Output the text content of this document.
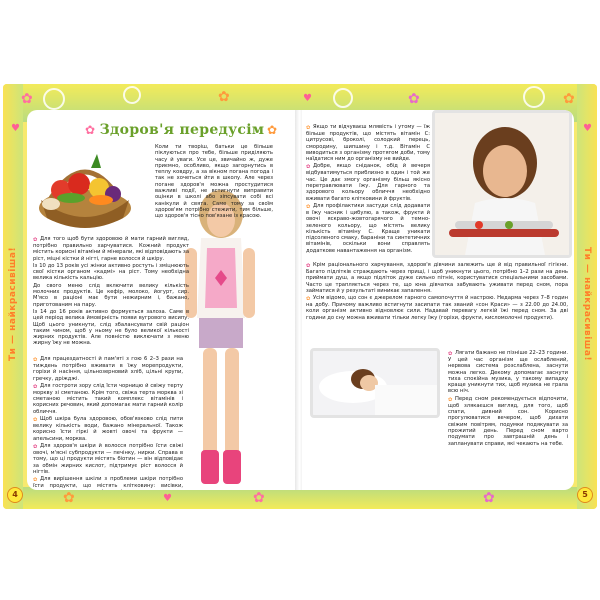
✿	✿	✿	✿
✿	✿	✿
♥	♥
♥
♥
Ти — найкрасивіша!	Ти — найкрасивіша!
4	5
✿ Здоров'я передусім ✿

Коли ти творіш, батьки це більше піклуються про тебе, більше приділяють часу й уваги. Усе це, звичайно ж, дуже приємно, особливо, якщо загорнутись в теплу ковдру, а за вікном погана погода і так не хочеться йти в школу. Але через погане здоров'я можна простудитися важливі події, не встигнути виправити оцінки в школі або зіпсувати собі всі канікули й свята. Саме тому за своїм здоров'ям потрібно стежити, тим більше, що здоров'я тісно пов'язане із красою.

✿ Для того щоб бути здоровою й мати гарний вигляд, потрібно правильно харчуватися. Кожний продукт містить корисні вітаміни й мінерали, які відповідають за ріст, міцні кістки й нігті, гарне волосся й шкіру.

Із 10 до 13 років усі жінки активно ростуть і зміцнюють свої кістки органом «кадмі» на ріст. Тому необхідна велика кількість кальцію.

До свого меню слід включити велику кількість молочних продуктів. Це кефір, молоко, йогурт, сир. М'ясо в раціоні має бути нежирним і, бажано, приготованим на пару.

Із 14 до 16 років активно формується залоза. Саме в цей період велика ймовірність появи вугрового висипу. Щоб цього уникнути, слід збалансувати свій раціон таким чином, щоб у ньому не було великої кількості жирних продуктів. Але повністю виключати з меню жирну їжу не можна.

✿ Для працездатності й пам'яті з гою 6 2–3 рази на тиждень потрібно вживати в їжу морепродукти, горіхи й насіння, цільнозерновий хліб, цільні крупи, гречку, дріжджі.

✿ Для гостроти зору слід їсти чорницю й свіжу терту моркву зі сметаною. Крім того, свіжа терта морква зі сметаною містить такий комплекс вітамінів і корисних речовин, який допомагає мати гарний колір обличчя.

✿ Щоб шкіра була здоровою, обов'язково слід пити велику кількість води, бажано мінеральної. Також корисно їсти гіркі й жовті овочі та фрукти — апельсини, морква.

✿ Для здоров'я шкіри й волосся потрібно їсти свіжі овочі, м'ясні субпродукти — печінку, нирки. Справа в тому, що ці продукти містять біотин — він відповідає за обмін жирних кислот, підтримує ріст волосся й нігтів.

✿ Для вирішення шкіли з проблеми шкіри потрібно їсти продукти, що містять клітковину: висівки,

✿ Якщо ти відчуваєш млявість і утому — їж більше продуктів, що містять вітамін С: цитрусові, броколі, солодкий перець, смородину, шипшину і т.д. Вітамін С виводиться з організму протягом доби, тому наїдатися ним до організму не вийде.

✿ Добре, якщо сніданок, обід й вечеря відбуватимуться приблизно в один і той же час. Це дає змогу організму більш якісно перетравлювати їжу. Для гарного та здорового кольору обличчя необхідно вживати багато клітковини й фруктів.

✿ Для профілактики застуди слід додавати в їжу часник і цибулю, а також, фрукти й овочі яскраво-жовтогарячого й темно-зеленого кольору, що містять велику кількість вітаміну С. Краще уникати підсоленого смаку, бараніни та синтетичних вітамінів, оскільки вони справлять додаткове навантаження на організм.

✿ Крім раціонального харчування, здоров'я дівчини залежить ще й від правильної гігієни. Багато підлітків страждають через прищі, і щоб уникнути цього, потрібно 1–2 рази на день приймати душ, а якщо підліток дуже сильно пітніє, користуватися спеціальними засобами. Часто це трапляється через те, що юна дівчатка забувають уживати перед сном, пора займатися й у результаті виникає запалення.

✿ Усім відомо, що сон є джерелом гарного самопочуття й настрою. Недарма через 7–8 годин на добу. Причому важливо встигнути засипати так званий «сон Краси» — з 22.00 до 24.00, коли організм активно відновлює сили. Надавай перевагу легкій їжі перед сном. За дві години до сну можна вживати тільки легку їжу (горіхи, фрукти, кисломолочні продукти).

✿ Лягати бажано не пізніше 22–23 години. У цей час організм ще ослаблений, нервова система розслаблена, заснути можна легко. Декому допомагає заснути тиха спокійна музика, у такому випадку краще уникнути тих, щоб музика не грала всю ніч.

✿ Перед сном рекомендується відпочити, щоб злякаєшся вигляд, для того, щоб спати, дивний сон. Корисно прогулюватися вечером, щоб дихати свіжим повітрям, подумки подякувати за прожитий день. Перед сном варто подумати про завтрашній день і запланувати справи, які чекають на тебе.
